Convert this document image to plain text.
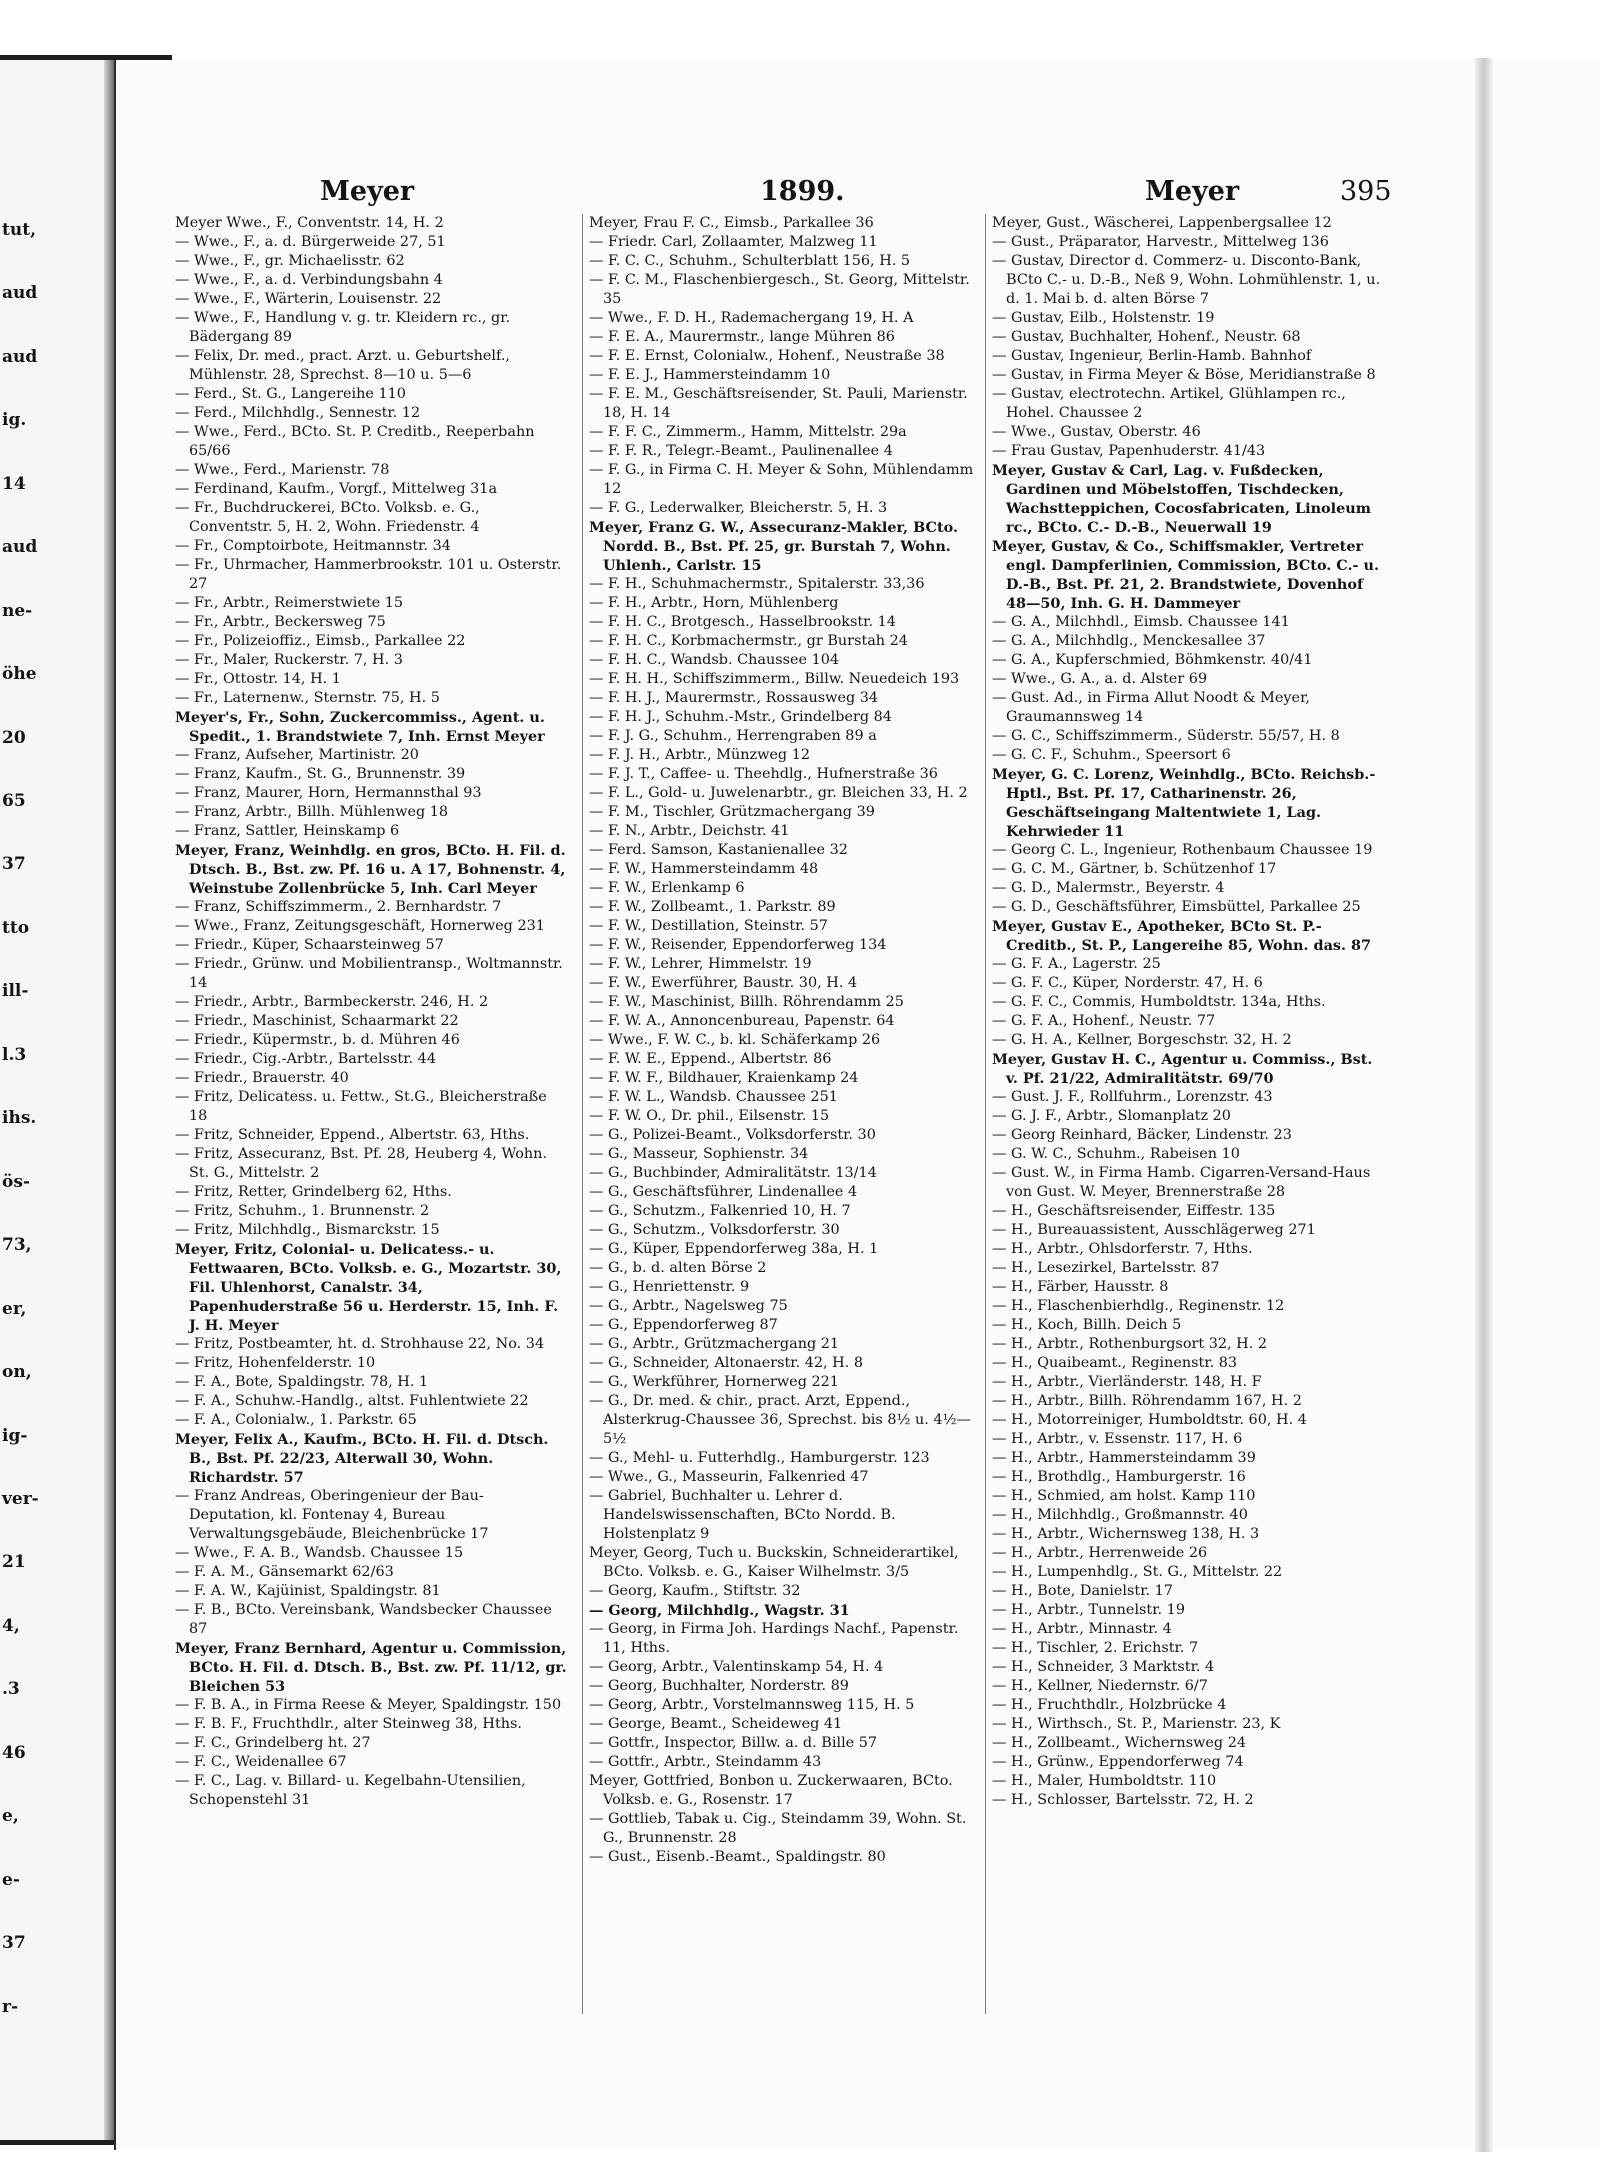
tut,
aud
aud
ig.
14
aud
ne-
öhe
20
65
37
tto
ill-
l.3
ihs.
ös-
73,
er,
on,
ig-
ver-
21
4,
.3
46
e,
e-
37
r-
Meyer	1899.	Meyer	395
Meyer Wwe., F., Conventstr. 14, H. 2
— Wwe., F., a. d. Bürgerweide 27, 51
— Wwe., F., gr. Michaelisstr. 62
— Wwe., F., a. d. Verbindungsbahn 4
— Wwe., F., Wärterin, Louisenstr. 22
— Wwe., F., Handlung v. g. tr. Kleidern rc., gr. Bädergang 89
— Felix, Dr. med., pract. Arzt. u. Geburtshelf., Mühlenstr. 28, Sprechst. 8—10 u. 5—6
— Ferd., St. G., Langereihe 110
— Ferd., Milchhdlg., Sennestr. 12
— Wwe., Ferd., BCto. St. P. Creditb., Reeperbahn 65/66
— Wwe., Ferd., Marienstr. 78
— Ferdinand, Kaufm., Vorgf., Mittelweg 31a
— Fr., Buchdruckerei, BCto. Volksb. e. G., Conventstr. 5, H. 2, Wohn. Friedenstr. 4
— Fr., Comptoirbote, Heitmannstr. 34
— Fr., Uhrmacher, Hammerbrookstr. 101 u. Osterstr. 27
— Fr., Arbtr., Reimerstwiete 15
— Fr., Arbtr., Beckersweg 75
— Fr., Polizeioffiz., Eimsb., Parkallee 22
— Fr., Maler, Ruckerstr. 7, H. 3
— Fr., Ottostr. 14, H. 1
— Fr., Laternenw., Sternstr. 75, H. 5
Meyer's, Fr., Sohn, Zuckercommiss., Agent. u. Spedit., 1. Brandstwiete 7, Inh. Ernst Meyer
— Franz, Aufseher, Martinistr. 20
— Franz, Kaufm., St. G., Brunnenstr. 39
— Franz, Maurer, Horn, Hermannsthal 93
— Franz, Arbtr., Billh. Mühlenweg 18
— Franz, Sattler, Heinskamp 6
Meyer, Franz, Weinhdlg. en gros, BCto. H. Fil. d. Dtsch. B., Bst. zw. Pf. 16 u. A 17, Bohnenstr. 4, Weinstube Zollenbrücke 5, Inh. Carl Meyer
— Franz, Schiffszimmerm., 2. Bernhardstr. 7
— Wwe., Franz, Zeitungsgeschäft, Hornerweg 231
— Friedr., Küper, Schaarsteinweg 57
— Friedr., Grünw. und Mobilientransp., Woltmannstr. 14
— Friedr., Arbtr., Barmbeckerstr. 246, H. 2
— Friedr., Maschinist, Schaarmarkt 22
— Friedr., Küpermstr., b. d. Mühren 46
— Friedr., Cig.-Arbtr., Bartelsstr. 44
— Friedr., Brauerstr. 40
— Fritz, Delicatess. u. Fettw., St.G., Bleicherstraße 18
— Fritz, Schneider, Eppend., Albertstr. 63, Hths.
— Fritz, Assecuranz, Bst. Pf. 28, Heuberg 4, Wohn. St. G., Mittelstr. 2
— Fritz, Retter, Grindelberg 62, Hths.
— Fritz, Schuhm., 1. Brunnenstr. 2
— Fritz, Milchhdlg., Bismarckstr. 15
Meyer, Fritz, Colonial- u. Delicatess.- u. Fettwaaren, BCto. Volksb. e. G., Mozartstr. 30, Fil. Uhlenhorst, Canalstr. 34, Papenhuderstraße 56 u. Herderstr. 15, Inh. F. J. H. Meyer
— Fritz, Postbeamter, ht. d. Strohhause 22, No. 34
— Fritz, Hohenfelderstr. 10
— F. A., Bote, Spaldingstr. 78, H. 1
— F. A., Schuhw.-Handlg., altst. Fuhlentwiete 22
— F. A., Colonialw., 1. Parkstr. 65
Meyer, Felix A., Kaufm., BCto. H. Fil. d. Dtsch. B., Bst. Pf. 22/23, Alterwall 30, Wohn. Richardstr. 57
— Franz Andreas, Oberingenieur der Bau-Deputation, kl. Fontenay 4, Bureau Verwaltungsgebäude, Bleichenbrücke 17
— Wwe., F. A. B., Wandsb. Chaussee 15
— F. A. M., Gänsemarkt 62/63
— F. A. W., Kajüinist, Spaldingstr. 81
— F. B., BCto. Vereinsbank, Wandsbecker Chaussee 87
Meyer, Franz Bernhard, Agentur u. Commission, BCto. H. Fil. d. Dtsch. B., Bst. zw. Pf. 11/12, gr. Bleichen 53
— F. B. A., in Firma Reese & Meyer, Spaldingstr. 150
— F. B. F., Fruchthdlr., alter Steinweg 38, Hths.
— F. C., Grindelberg ht. 27
— F. C., Weidenallee 67
— F. C., Lag. v. Billard- u. Kegelbahn-Utensilien, Schopenstehl 31
Meyer, Frau F. C., Eimsb., Parkallee 36
— Friedr. Carl, Zollaamter, Malzweg 11
— F. C. C., Schuhm., Schulterblatt 156, H. 5
— F. C. M., Flaschenbiergesch., St. Georg, Mittelstr. 35
— Wwe., F. D. H., Rademachergang 19, H. A
— F. E. A., Maurermstr., lange Mühren 86
— F. E. Ernst, Colonialw., Hohenf., Neustraße 38
— F. E. J., Hammersteindamm 10
— F. E. M., Geschäftsreisender, St. Pauli, Marienstr. 18, H. 14
— F. F. C., Zimmerm., Hamm, Mittelstr. 29a
— F. F. R., Telegr.-Beamt., Paulinenallee 4
— F. G., in Firma C. H. Meyer & Sohn, Mühlendamm 12
— F. G., Lederwalker, Bleicherstr. 5, H. 3
Meyer, Franz G. W., Assecuranz-Makler, BCto. Nordd. B., Bst. Pf. 25, gr. Burstah 7, Wohn. Uhlenh., Carlstr. 15
— F. H., Schuhmachermstr., Spitalerstr. 33,36
— F. H., Arbtr., Horn, Mühlenberg
— F. H. C., Brotgesch., Hasselbrookstr. 14
— F. H. C., Korbmachermstr., gr Burstah 24
— F. H. C., Wandsb. Chaussee 104
— F. H. H., Schiffszimmerm., Billw. Neuedeich 193
— F. H. J., Maurermstr., Rossausweg 34
— F. H. J., Schuhm.-Mstr., Grindelberg 84
— F. J. G., Schuhm., Herrengraben 89 a
— F. J. H., Arbtr., Münzweg 12
— F. J. T., Caffee- u. Theehdlg., Hufnerstraße 36
— F. L., Gold- u. Juwelenarbtr., gr. Bleichen 33, H. 2
— F. M., Tischler, Grützmachergang 39
— F. N., Arbtr., Deichstr. 41
— Ferd. Samson, Kastanienallee 32
— F. W., Hammersteindamm 48
— F. W., Erlenkamp 6
— F. W., Zollbeamt., 1. Parkstr. 89
— F. W., Destillation, Steinstr. 57
— F. W., Reisender, Eppendorferweg 134
— F. W., Lehrer, Himmelstr. 19
— F. W., Ewerführer, Baustr. 30, H. 4
— F. W., Maschinist, Billh. Röhrendamm 25
— F. W. A., Annoncenbureau, Papenstr. 64
— Wwe., F. W. C., b. kl. Schäferkamp 26
— F. W. E., Eppend., Albertstr. 86
— F. W. F., Bildhauer, Kraienkamp 24
— F. W. L., Wandsb. Chaussee 251
— F. W. O., Dr. phil., Eilsenstr. 15
— G., Polizei-Beamt., Volksdorferstr. 30
— G., Masseur, Sophienstr. 34
— G., Buchbinder, Admiralitätstr. 13/14
— G., Geschäftsführer, Lindenallee 4
— G., Schutzm., Falkenried 10, H. 7
— G., Schutzm., Volksdorferstr. 30
— G., Küper, Eppendorferweg 38a, H. 1
— G., b. d. alten Börse 2
— G., Henriettenstr. 9
— G., Arbtr., Nagelsweg 75
— G., Eppendorferweg 87
— G., Arbtr., Grützmachergang 21
— G., Schneider, Altonaerstr. 42, H. 8
— G., Werkführer, Hornerweg 221
— G., Dr. med. & chir., pract. Arzt, Eppend., Alsterkrug-Chaussee 36, Sprechst. bis 8½ u. 4½—5½
— G., Mehl- u. Futterhdlg., Hamburgerstr. 123
— Wwe., G., Masseurin, Falkenried 47
— Gabriel, Buchhalter u. Lehrer d. Handelswissenschaften, BCto Nordd. B. Holstenplatz 9
Meyer, Georg, Tuch u. Buckskin, Schneiderartikel, BCto. Volksb. e. G., Kaiser Wilhelmstr. 3/5
— Georg, Kaufm., Stiftstr. 32
— Georg, Milchhdlg., Wagstr. 31
— Georg, in Firma Joh. Hardings Nachf., Papenstr. 11, Hths.
— Georg, Arbtr., Valentinskamp 54, H. 4
— Georg, Buchhalter, Norderstr. 89
— Georg, Arbtr., Vorstelmannsweg 115, H. 5
— George, Beamt., Scheideweg 41
— Gottfr., Inspector, Billw. a. d. Bille 57
— Gottfr., Arbtr., Steindamm 43
Meyer, Gottfried, Bonbon u. Zuckerwaaren, BCto. Volksb. e. G., Rosenstr. 17
— Gottlieb, Tabak u. Cig., Steindamm 39, Wohn. St. G., Brunnenstr. 28
— Gust., Eisenb.-Beamt., Spaldingstr. 80
Meyer, Gust., Wäscherei, Lappenbergsallee 12
— Gust., Präparator, Harvestr., Mittelweg 136
— Gustav, Director d. Commerz- u. Disconto-Bank, BCto C.- u. D.-B., Neß 9, Wohn. Lohmühlenstr. 1, u. d. 1. Mai b. d. alten Börse 7
— Gustav, Eilb., Holstenstr. 19
— Gustav, Buchhalter, Hohenf., Neustr. 68
— Gustav, Ingenieur, Berlin-Hamb. Bahnhof
— Gustav, in Firma Meyer & Böse, Meridianstraße 8
— Gustav, electrotechn. Artikel, Glühlampen rc., Hohel. Chaussee 2
— Wwe., Gustav, Oberstr. 46
— Frau Gustav, Papenhuderstr. 41/43
Meyer, Gustav & Carl, Lag. v. Fußdecken, Gardinen und Möbelstoffen, Tischdecken, Wachstteppichen, Cocosfabricaten, Linoleum rc., BCto. C.- D.-B., Neuerwall 19
Meyer, Gustav, & Co., Schiffsmakler, Vertreter engl. Dampferlinien, Commission, BCto. C.- u. D.-B., Bst. Pf. 21, 2. Brandstwiete, Dovenhof 48—50, Inh. G. H. Dammeyer
— G. A., Milchhdl., Eimsb. Chaussee 141
— G. A., Milchhdlg., Menckesallee 37
— G. A., Kupferschmied, Böhmkenstr. 40/41
— Wwe., G. A., a. d. Alster 69
— Gust. Ad., in Firma Allut Noodt & Meyer, Graumannsweg 14
— G. C., Schiffszimmerm., Süderstr. 55/57, H. 8
— G. C. F., Schuhm., Speersort 6
Meyer, G. C. Lorenz, Weinhdlg., BCto. Reichsb.-Hptl., Bst. Pf. 17, Catharinenstr. 26, Geschäftseingang Maltentwiete 1, Lag. Kehrwieder 11
— Georg C. L., Ingenieur, Rothenbaum Chaussee 19
— G. C. M., Gärtner, b. Schützenhof 17
— G. D., Malermstr., Beyerstr. 4
— G. D., Geschäftsführer, Eimsbüttel, Parkallee 25
Meyer, Gustav E., Apotheker, BCto St. P.-Creditb., St. P., Langereihe 85, Wohn. das. 87
— G. F. A., Lagerstr. 25
— G. F. C., Küper, Norderstr. 47, H. 6
— G. F. C., Commis, Humboldtstr. 134a, Hths.
— G. F. A., Hohenf., Neustr. 77
— G. H. A., Kellner, Borgeschstr. 32, H. 2
Meyer, Gustav H. C., Agentur u. Commiss., Bst. v. Pf. 21/22, Admiralitätstr. 69/70
— Gust. J. F., Rollfuhrm., Lorenzstr. 43
— G. J. F., Arbtr., Slomanplatz 20
— Georg Reinhard, Bäcker, Lindenstr. 23
— G. W. C., Schuhm., Rabeisen 10
— Gust. W., in Firma Hamb. Cigarren-Versand-Haus von Gust. W. Meyer, Brennerstraße 28
— H., Geschäftsreisender, Eiffestr. 135
— H., Bureauassistent, Ausschlägerweg 271
— H., Arbtr., Ohlsdorferstr. 7, Hths.
— H., Lesezirkel, Bartelsstr. 87
— H., Färber, Hausstr. 8
— H., Flaschenbierhdlg., Reginenstr. 12
— H., Koch, Billh. Deich 5
— H., Arbtr., Rothenburgsort 32, H. 2
— H., Quaibeamt., Reginenstr. 83
— H., Arbtr., Vierländerstr. 148, H. F
— H., Arbtr., Billh. Röhrendamm 167, H. 2
— H., Motorreiniger, Humboldtstr. 60, H. 4
— H., Arbtr., v. Essenstr. 117, H. 6
— H., Arbtr., Hammersteindamm 39
— H., Brothdlg., Hamburgerstr. 16
— H., Schmied, am holst. Kamp 110
— H., Milchhdlg., Großmannstr. 40
— H., Arbtr., Wichernsweg 138, H. 3
— H., Arbtr., Herrenweide 26
— H., Lumpenhdlg., St. G., Mittelstr. 22
— H., Bote, Danielstr. 17
— H., Arbtr., Tunnelstr. 19
— H., Arbtr., Minnastr. 4
— H., Tischler, 2. Erichstr. 7
— H., Schneider, 3 Marktstr. 4
— H., Kellner, Niedernstr. 6/7
— H., Fruchthdlr., Holzbrücke 4
— H., Wirthsch., St. P., Marienstr. 23, K
— H., Zollbeamt., Wichernsweg 24
— H., Grünw., Eppendorferweg 74
— H., Maler, Humboldtstr. 110
— H., Schlosser, Bartelsstr. 72, H. 2
